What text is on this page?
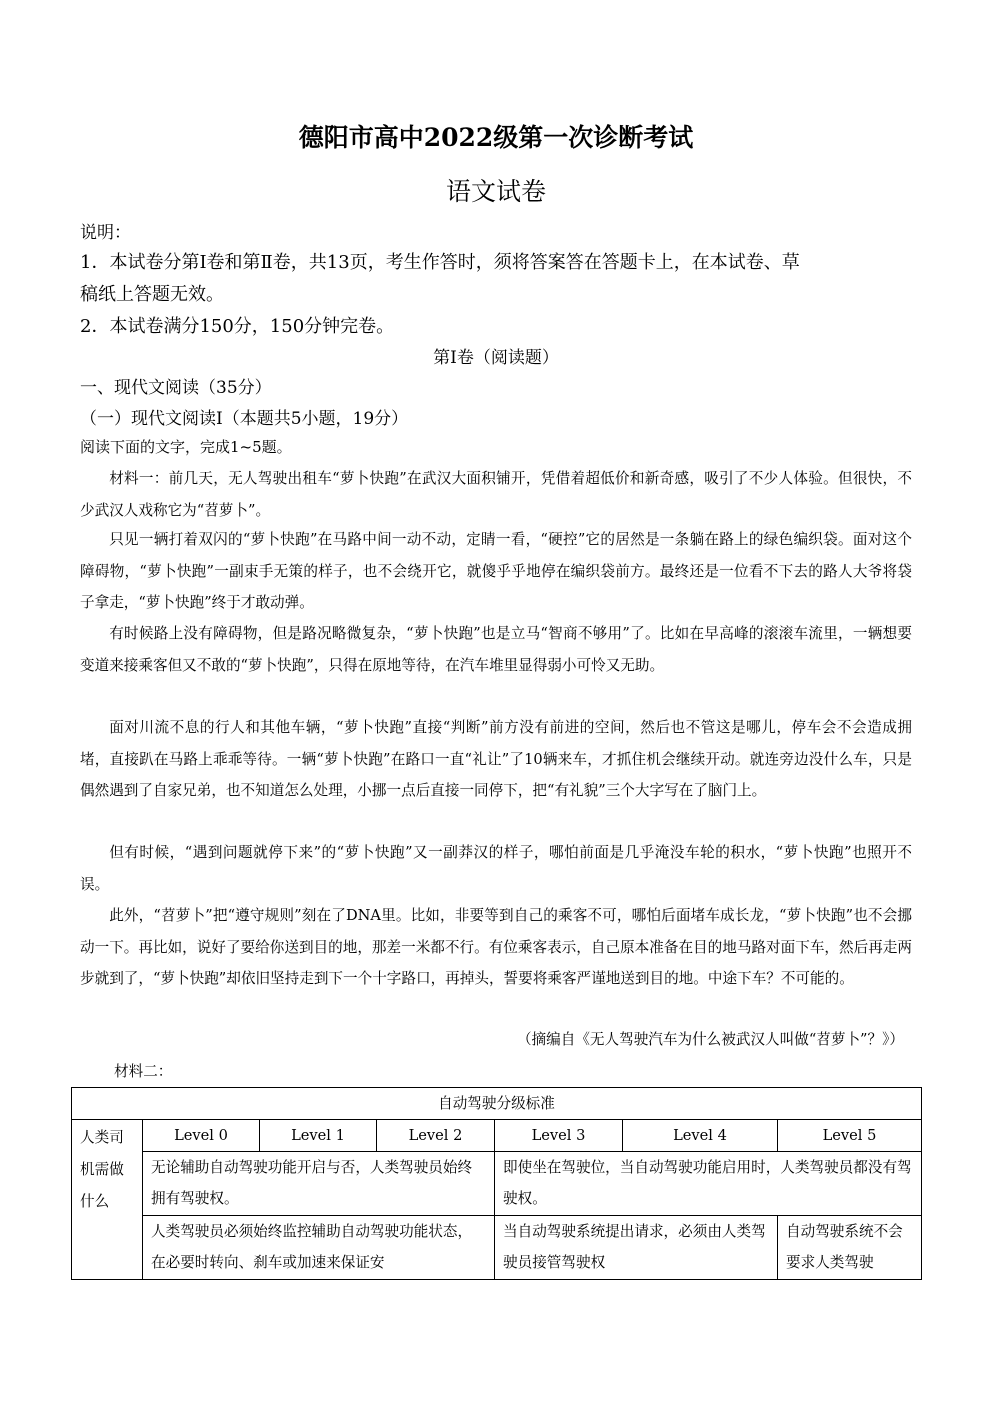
德阳市高中2022级第一次诊断考试
语文试卷
说明：
1．本试卷分第Ⅰ卷和第Ⅱ卷，共13页，考生作答时，须将答案答在答题卡上，在本试卷、草
稿纸上答题无效。
2．本试卷满分150分，150分钟完卷。
第Ⅰ卷（阅读题）
一、现代文阅读（35分）
（一）现代文阅读Ⅰ（本题共5小题，19分）
阅读下面的文字，完成1~5题。

材料一：前几天，无人驾驶出租车“萝卜快跑”在武汉大面积铺开，凭借着超低价和新奇感，吸引了不少人体验。但很快，不少武汉人戏称它为“苕萝卜”。

只见一辆打着双闪的“萝卜快跑”在马路中间一动不动，定睛一看，“硬控”它的居然是一条躺在路上的绿色编织袋。面对这个障碍物，“萝卜快跑”一副束手无策的样子，也不会绕开它，就傻乎乎地停在编织袋前方。最终还是一位看不下去的路人大爷将袋子拿走，“萝卜快跑”终于才敢动弹。

有时候路上没有障碍物，但是路况略微复杂，“萝卜快跑”也是立马“智商不够用”了。比如在早高峰的滚滚车流里，一辆想要变道来接乘客但又不敢的“萝卜快跑”，只得在原地等待，在汽车堆里显得弱小可怜又无助。

面对川流不息的行人和其他车辆，“萝卜快跑”直接“判断”前方没有前进的空间，然后也不管这是哪儿，停车会不会造成拥堵，直接趴在马路上乖乖等待。一辆“萝卜快跑”在路口一直“礼让”了10辆来车，才抓住机会继续开动。就连旁边没什么车，只是偶然遇到了自家兄弟，也不知道怎么处理，小挪一点后直接一同停下，把“有礼貌”三个大字写在了脑门上。

但有时候，“遇到问题就停下来”的“萝卜快跑”又一副莽汉的样子，哪怕前面是几乎淹没车轮的积水，“萝卜快跑”也照开不误。

此外，“苕萝卜”把“遵守规则”刻在了DNA里。比如，非要等到自己的乘客不可，哪怕后面堵车成长龙，“萝卜快跑”也不会挪动一下。再比如，说好了要给你送到目的地，那差一米都不行。有位乘客表示，自己原本准备在目的地马路对面下车，然后再走两步就到了，“萝卜快跑”却依旧坚持走到下一个十字路口，再掉头，誓要将乘客严谨地送到目的地。中途下车？不可能的。

（摘编自《无人驾驶汽车为什么被武汉人叫做“苕萝卜”？》）
材料二：
自动驾驶分级标准						
人类司机需做什么	Level 0	Level 1	Level 2	Level 3	Level 4	Level 5
	无论辅助自动驾驶功能开启与否，人类驾驶员始终拥有驾驶权。			即使坐在驾驶位，当自动驾驶功能启用时，人类驾驶员都没有驾驶权。		
	人类驾驶员必须始终监控辅助自动驾驶功能状态，在必要时转向、刹车或加速来保证安			当自动驾驶系统提出请求，必须由人类驾驶员接管驾驶权		自动驾驶系统不会要求人类驾驶
